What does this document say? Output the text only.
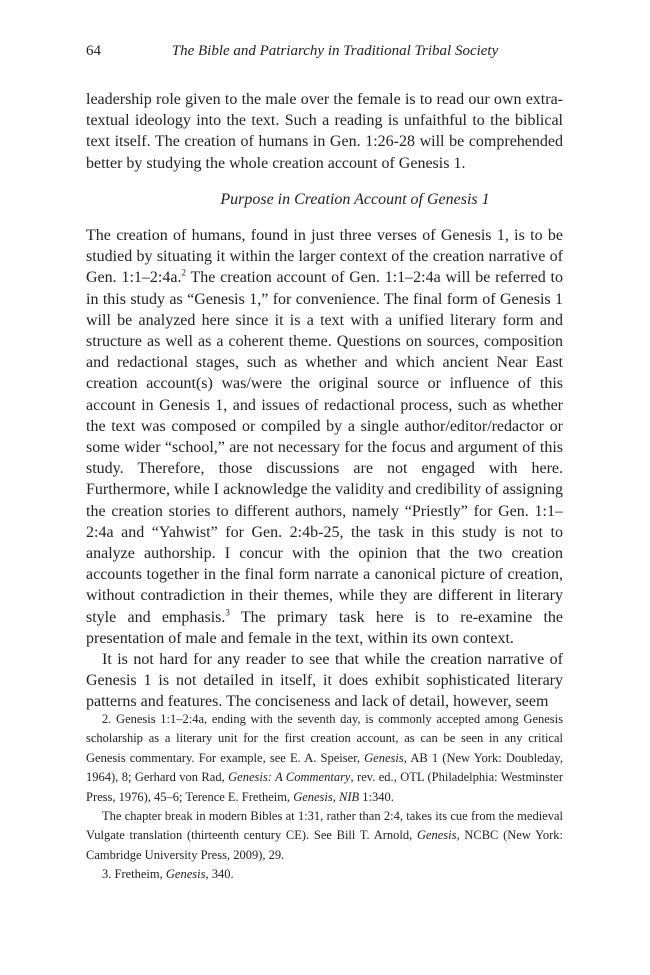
64	The Bible and Patriarchy in Traditional Tribal Society

leadership role given to the male over the female is to read our own extra-textual ideology into the text. Such a reading is unfaithful to the biblical text itself. The creation of humans in Gen. 1:26-28 will be comprehended better by studying the whole creation account of Genesis 1.

Purpose in Creation Account of Genesis 1

The creation of humans, found in just three verses of Genesis 1, is to be studied by situating it within the larger context of the creation narrative of Gen. 1:1–2:4a.$^2$ The creation account of Gen. 1:1–2:4a will be referred to in this study as “Genesis 1,” for convenience. The final form of Genesis 1 will be analyzed here since it is a text with a unified literary form and structure as well as a coherent theme. Questions on sources, composition and redactional stages, such as whether and which ancient Near East creation account(s) was/were the original source or influence of this account in Genesis 1, and issues of redactional process, such as whether the text was composed or compiled by a single author/editor/redactor or some wider “school,” are not necessary for the focus and argument of this study. Therefore, those discussions are not engaged with here. Furthermore, while I acknowledge the validity and credibility of assigning the creation stories to different authors, namely “Priestly” for Gen. 1:1–2:4a and “Yahwist” for Gen. 2:4b-25, the task in this study is not to analyze authorship. I concur with the opinion that the two creation accounts together in the final form narrate a canonical picture of creation, without contradiction in their themes, while they are different in literary style and emphasis.$^3$ The primary task here is to re-examine the presentation of male and female in the text, within its own context.

It is not hard for any reader to see that while the creation narrative of Genesis 1 is not detailed in itself, it does exhibit sophisticated literary patterns and features. The conciseness and lack of detail, however, seem

2. Genesis 1:1–2:4a, ending with the seventh day, is commonly accepted among Genesis scholarship as a literary unit for the first creation account, as can be seen in any critical Genesis commentary. For example, see E. A. Speiser, Genesis, AB 1 (New York: Doubleday, 1964), 8; Gerhard von Rad, Genesis: A Commentary, rev. ed., OTL (Philadelphia: Westminster Press, 1976), 45–6; Terence E. Fretheim, Genesis, NIB 1:340.

The chapter break in modern Bibles at 1:31, rather than 2:4, takes its cue from the medieval Vulgate translation (thirteenth century CE). See Bill T. Arnold, Genesis, NCBC (New York: Cambridge University Press, 2009), 29.

3. Fretheim, Genesis, 340.
